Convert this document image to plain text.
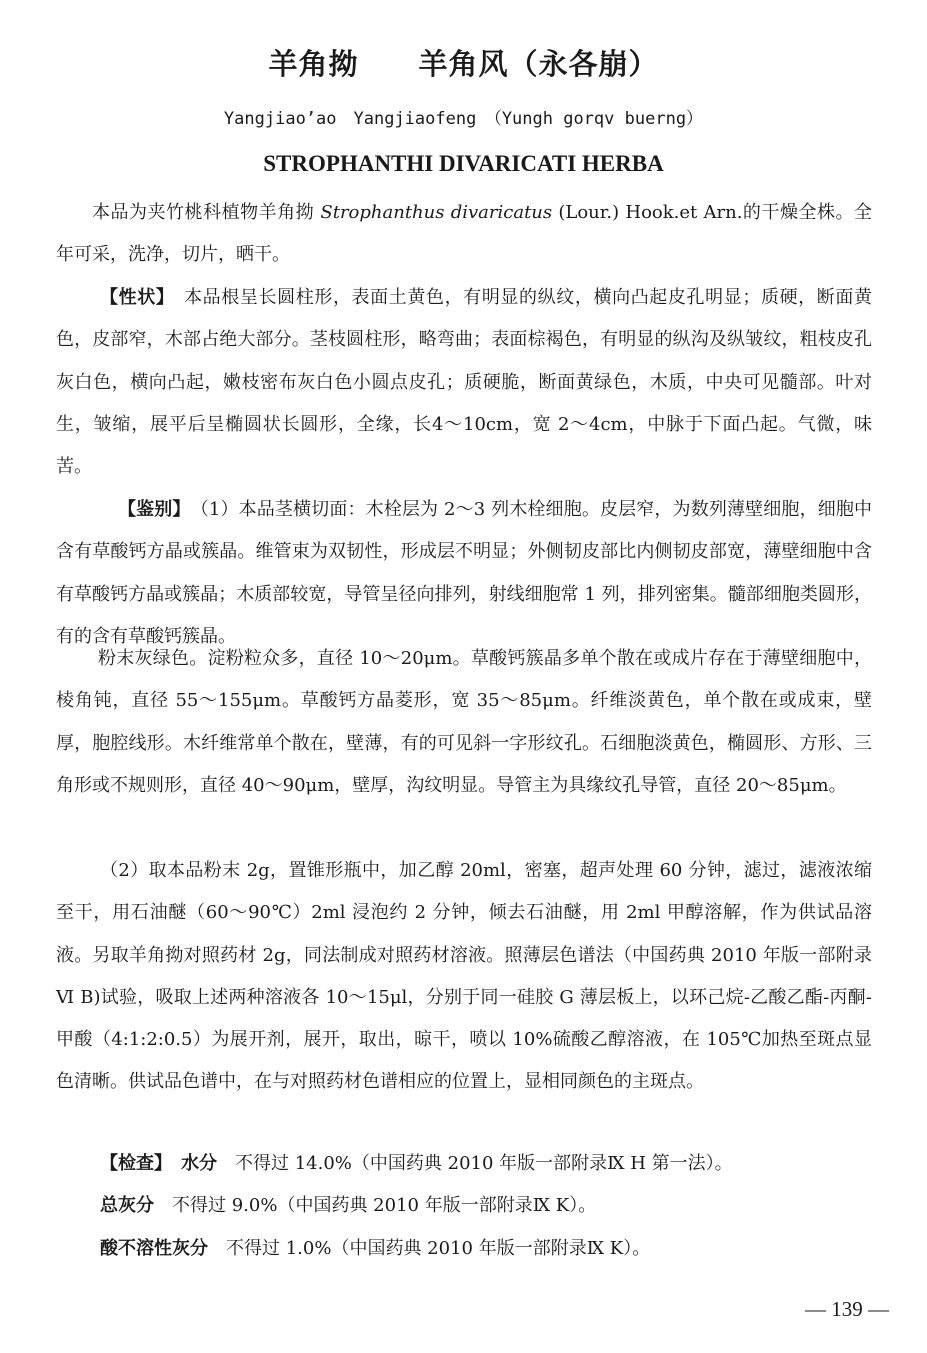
羊角拗　　羊角风（永各崩）

Yangjiao’ao　Yangjiaofeng　（Yungh gorqv buerng）

STROPHANTHI DIVARICATI HERBA

本品为夹竹桃科植物羊角拗 Strophanthus divaricatus (Lour.) Hook.et Arn.的干燥全株。全年可采，洗净，切片，晒干。

【性状】　本品根呈长圆柱形，表面土黄色，有明显的纵纹，横向凸起皮孔明显；质硬，断面黄色，皮部窄，木部占绝大部分。茎枝圆柱形，略弯曲；表面棕褐色，有明显的纵沟及纵皱纹，粗枝皮孔灰白色，横向凸起，嫩枝密布灰白色小圆点皮孔；质硬脆，断面黄绿色，木质，中央可见髓部。叶对生，皱缩，展平后呈椭圆状长圆形，全缘，长4～10cm，宽 2～4cm，中脉于下面凸起。气微，味苦。

【鉴别】　（1）本品茎横切面：木栓层为 2～3 列木栓细胞。皮层窄，为数列薄壁细胞，细胞中含有草酸钙方晶或簇晶。维管束为双韧性，形成层不明显；外侧韧皮部比内侧韧皮部宽，薄壁细胞中含有草酸钙方晶或簇晶；木质部较宽，导管呈径向排列，射线细胞常 1 列，排列密集。髓部细胞类圆形，有的含有草酸钙簇晶。

粉末灰绿色。淀粉粒众多，直径 10～20μm。草酸钙簇晶多单个散在或成片存在于薄壁细胞中，棱角钝，直径 55～155μm。草酸钙方晶菱形，宽 35～85μm。纤维淡黄色，单个散在或成束，壁厚，胞腔线形。木纤维常单个散在，壁薄，有的可见斜一字形纹孔。石细胞淡黄色，椭圆形、方形、三角形或不规则形，直径 40～90μm，壁厚，沟纹明显。导管主为具缘纹孔导管，直径 20～85μm。

（2）取本品粉末 2g，置锥形瓶中，加乙醇 20ml，密塞，超声处理 60 分钟，滤过，滤液浓缩至干，用石油醚（60～90℃）2ml 浸泡约 2 分钟，倾去石油醚，用 2ml 甲醇溶解，作为供试品溶液。另取羊角拗对照药材 2g，同法制成对照药材溶液。照薄层色谱法（中国药典 2010 年版一部附录Ⅵ B)试验，吸取上述两种溶液各 10～15μl，分别于同一硅胶 G 薄层板上，以环己烷-乙酸乙酯-丙酮-甲酸（4:1:2:0.5）为展开剂，展开，取出，晾干，喷以 10%硫酸乙醇溶液，在 105℃加热至斑点显色清晰。供试品色谱中，在与对照药材色谱相应的位置上，显相同颜色的主斑点。

【检查】　 水分　不得过 14.0%（中国药典 2010 年版一部附录Ⅸ H 第一法）。

总灰分　不得过 9.0%（中国药典 2010 年版一部附录Ⅸ K）。

酸不溶性灰分　不得过 1.0%（中国药典 2010 年版一部附录Ⅸ K）。

— 139 —
